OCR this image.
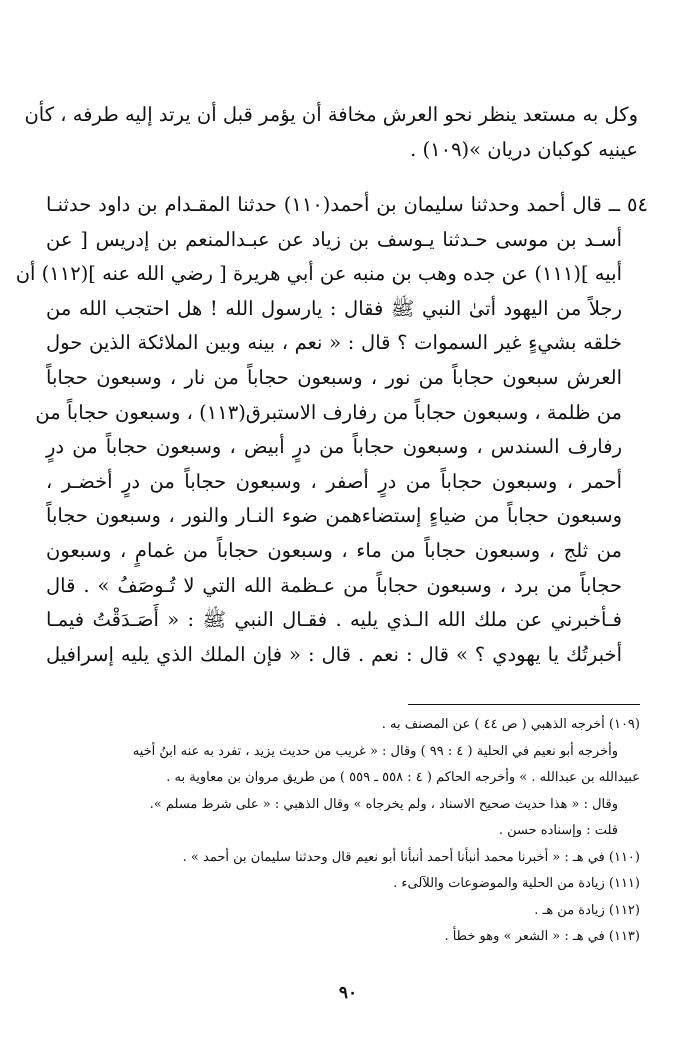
وكل به مستعد ينظر نحو العرش مخافة أن يؤمر قبل أن يرتد إليه طرفه ، كأن
عينيه كوكبان دريان »(١٠٩) .
٥٤ ــ قال أحمد وحدثنا سليمان بن أحمد(١١٠) حدثنا المقـدام بن داود حدثنـا
أسـد بن موسى حـدثنا يـوسف بن زياد عن عبـدالمنعم بن إدريس [ عن
أبيه ](١١١) عن جده وهب بن منبه عن أبي هريرة [ رضي الله عنه ](١١٢) أن
رجلاً من اليهود أتىٰ النبي ﷺ فقال : يارسول الله ! هل احتجب الله من
خلقه بشيءٍ غير السموات ؟ قال : « نعم ، بينه وبين الملائكة الذين حول
العرش سبعون حجاباً من نور ، وسبعون حجاباً من نار ، وسبعون حجاباً
من ظلمة ، وسبعون حجاباً من رفارف الاستبرق(١١٣) ، وسبعون حجاباً من
رفارف السندس ، وسبعون حجاباً من درٍ أبيض ، وسبعون حجاباً من درٍ
أحمر ، وسبعون حجاباً من درٍ أصفر ، وسبعون حجاباً من درٍ أخضـر ،
وسبعون حجاباً من ضياءٍ إستضاءهمن ضوء النـار والنور ، وسبعون حجاباً
من ثلج ، وسبعون حجاباً من ماء ، وسبعون حجاباً من غمامٍ ، وسبعون
حجاباً من برد ، وسبعون حجاباً من عـظمة الله التي لا تُـوصَفُ » . قال
فـأخبرني عن ملك الله الـذي يليه . فقـال النبي ﷺ : « أَصَـدَقْتُ فيمـا
أخبرتُك يا يهودي ؟ » قال : نعم . قال : « فإن الملك الذي يليه إسرافيل
(١٠٩) أخرجه الذهبي ( ص ٤٤ ) عن المصنف به .
وأخرجه أبو نعيم في الحلية ( ٤ : ٩٩ ) وقال : « غريب من حديث يزيد ، تفرد به عنه ابنُ أخيه
عبيدالله بن عبدالله . » وأخرجه الحاكم ( ٤ : ٥٥٨ ـ ٥٥٩ ) من طريق مروان بن معاوية به .
وقال : « هذا حديث صحيح الاسناد ، ولم يخرجاه » وقال الذهبي : « على شرط مسلم ».
قلت : وإسناده حسن .
(١١٠) في هـ : « أخبرنا محمد أنبأنا أحمد أنبأنا أبو نعيم قال وحدثنا سليمان بن أحمد » .
(١١١) زيادة من الحلية والموضوعات واللآلىء .
(١١٢) زيادة من هـ .
(١١٣) في هـ : « الشعر » وهو خطأ .
٩٠
